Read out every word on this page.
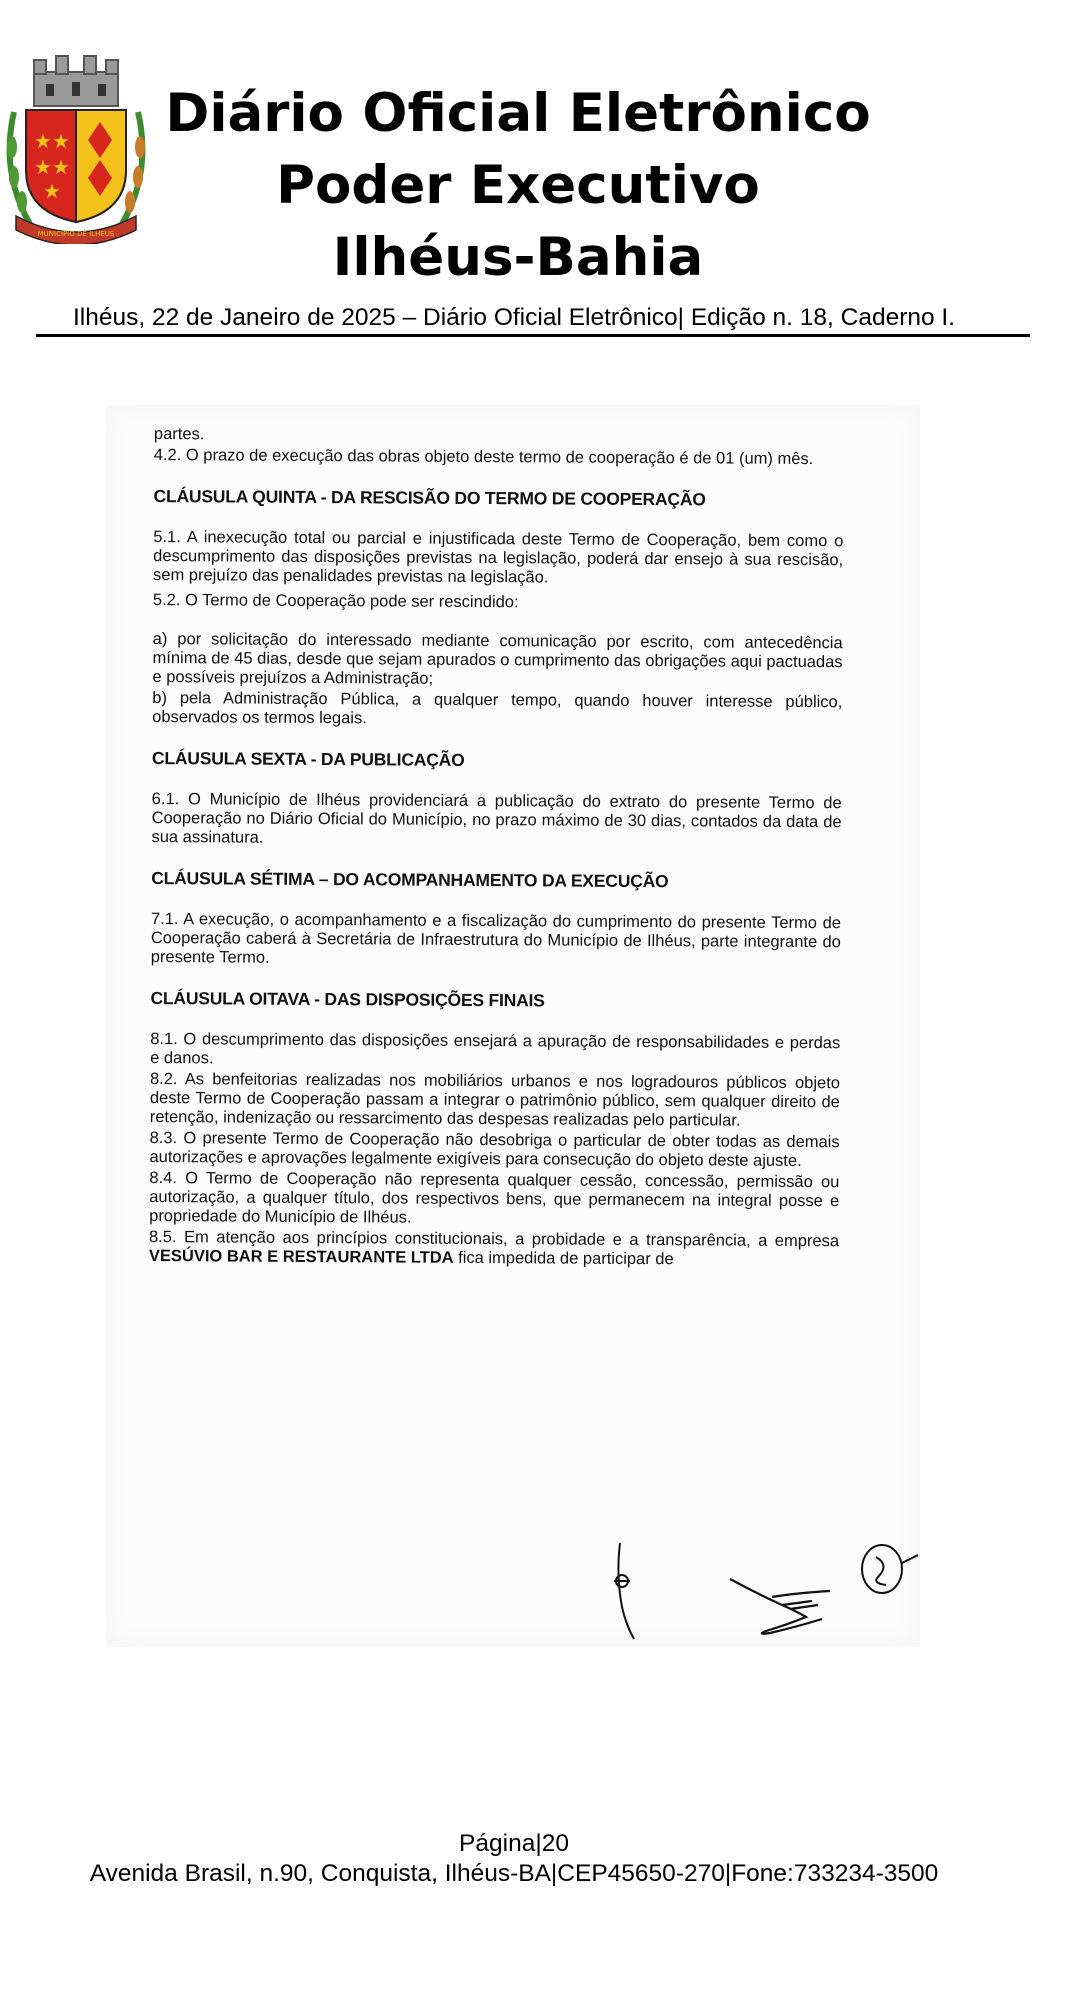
★ ★
★ ★
★
MUNICIPIO DE ILHEUS
Diário Oficial Eletrônico
Poder Executivo
Ilhéus-Bahia
Ilhéus, 22 de Janeiro de 2025 – Diário Oficial Eletrônico| Edição n. 18, Caderno I.

partes.

4.2. O prazo de execução das obras objeto deste termo de cooperação é de 01 (um) mês.

CLÁUSULA QUINTA - DA RESCISÃO DO TERMO DE COOPERAÇÃO

5.1. A inexecução total ou parcial e injustificada deste Termo de Cooperação, bem como o descumprimento das disposições previstas na legislação, poderá dar ensejo à sua rescisão, sem prejuízo das penalidades previstas na legislação.

5.2. O Termo de Cooperação pode ser rescindido:

a) por solicitação do interessado mediante comunicação por escrito, com antecedência mínima de 45 dias, desde que sejam apurados o cumprimento das obrigações aqui pactuadas e possíveis prejuízos a Administração;

b) pela Administração Pública, a qualquer tempo, quando houver interesse público, observados os termos legais.

CLÁUSULA SEXTA - DA PUBLICAÇÃO

6.1. O Município de Ilhéus providenciará a publicação do extrato do presente Termo de Cooperação no Diário Oficial do Município, no prazo máximo de 30 dias, contados da data de sua assinatura.

CLÁUSULA SÉTIMA – DO ACOMPANHAMENTO DA EXECUÇÃO

7.1. A execução, o acompanhamento e a fiscalização do cumprimento do presente Termo de Cooperação caberá à Secretária de Infraestrutura do Município de Ilhéus, parte integrante do presente Termo.

CLÁUSULA OITAVA - DAS DISPOSIÇÕES FINAIS

8.1. O descumprimento das disposições ensejará a apuração de responsabilidades e perdas e danos.

8.2. As benfeitorias realizadas nos mobiliários urbanos e nos logradouros públicos objeto deste Termo de Cooperação passam a integrar o patrimônio público, sem qualquer direito de retenção, indenização ou ressarcimento das despesas realizadas pelo particular.

8.3. O presente Termo de Cooperação não desobriga o particular de obter todas as demais autorizações e aprovações legalmente exigíveis para consecução do objeto deste ajuste.

8.4. O Termo de Cooperação não representa qualquer cessão, concessão, permissão ou autorização, a qualquer título, dos respectivos bens, que permanecem na integral posse e propriedade do Município de Ilhéus.

8.5. Em atenção aos princípios constitucionais, a probidade e a transparência, a empresa VESÚVIO BAR E RESTAURANTE LTDA fica impedida de participar de

Página|20
Avenida Brasil, n.90, Conquista, Ilhéus-BA|CEP45650-270|Fone:733234-3500
